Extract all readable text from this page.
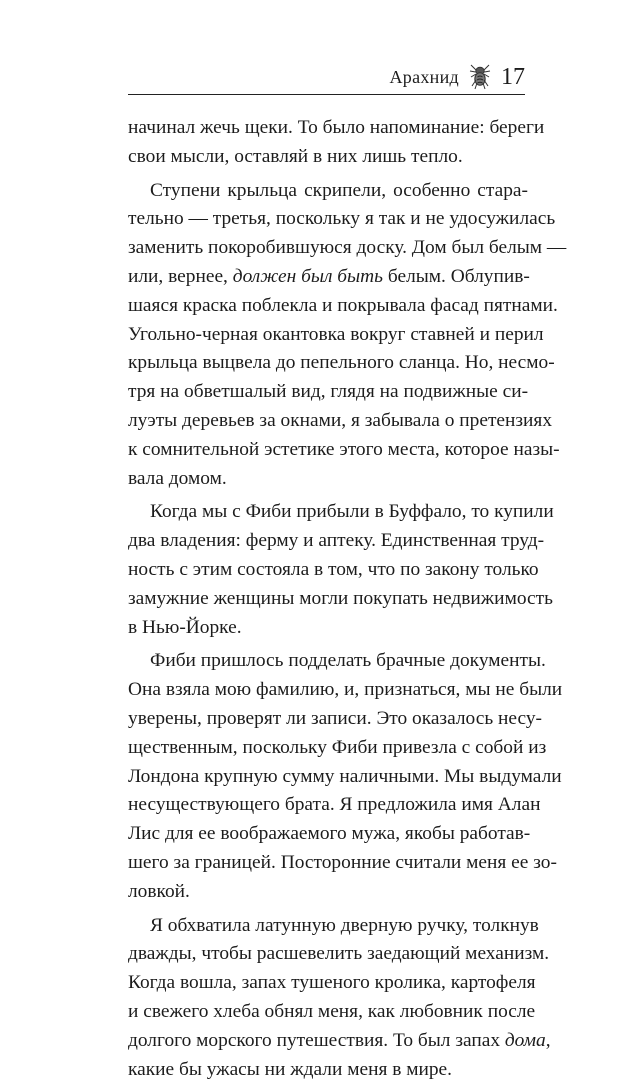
Арахнид 17
начинал жечь щеки. То было напоминание: береги
свои мысли, оставляй в них лишь тепло.
Ступени крыльца скрипели, особенно стара-
тельно — третья, поскольку я так и не удосужилась
заменить покоробившуюся доску. Дом был белым —
или, вернее, должен был быть белым. Облупив-
шаяся краска поблекла и покрывала фасад пятнами.
Угольно-черная окантовка вокруг ставней и перил
крыльца выцвела до пепельного сланца. Но, несмо-
тря на обветшалый вид, глядя на подвижные си-
луэты деревьев за окнами, я забывала о претензиях
к сомнительной эстетике этого места, которое назы-
вала домом.
Когда мы с Фиби прибыли в Буффало, то купили
два владения: ферму и аптеку. Единственная труд-
ность с этим состояла в том, что по закону только
замужние женщины могли покупать недвижимость
в Нью-Йорке.
Фиби пришлось подделать брачные документы.
Она взяла мою фамилию, и, признаться, мы не были
уверены, проверят ли записи. Это оказалось несу-
щественным, поскольку Фиби привезла с собой из
Лондона крупную сумму наличными. Мы выдумали
несуществующего брата. Я предложила имя Алан
Лис для ее воображаемого мужа, якобы работав-
шего за границей. Посторонние считали меня ее зо-
ловкой.
Я обхватила латунную дверную ручку, толкнув
дважды, чтобы расшевелить заедающий механизм.
Когда вошла, запах тушеного кролика, картофеля
и свежего хлеба обнял меня, как любовник после
долгого морского путешествия. То был запах дома,
какие бы ужасы ни ждали меня в мире.
